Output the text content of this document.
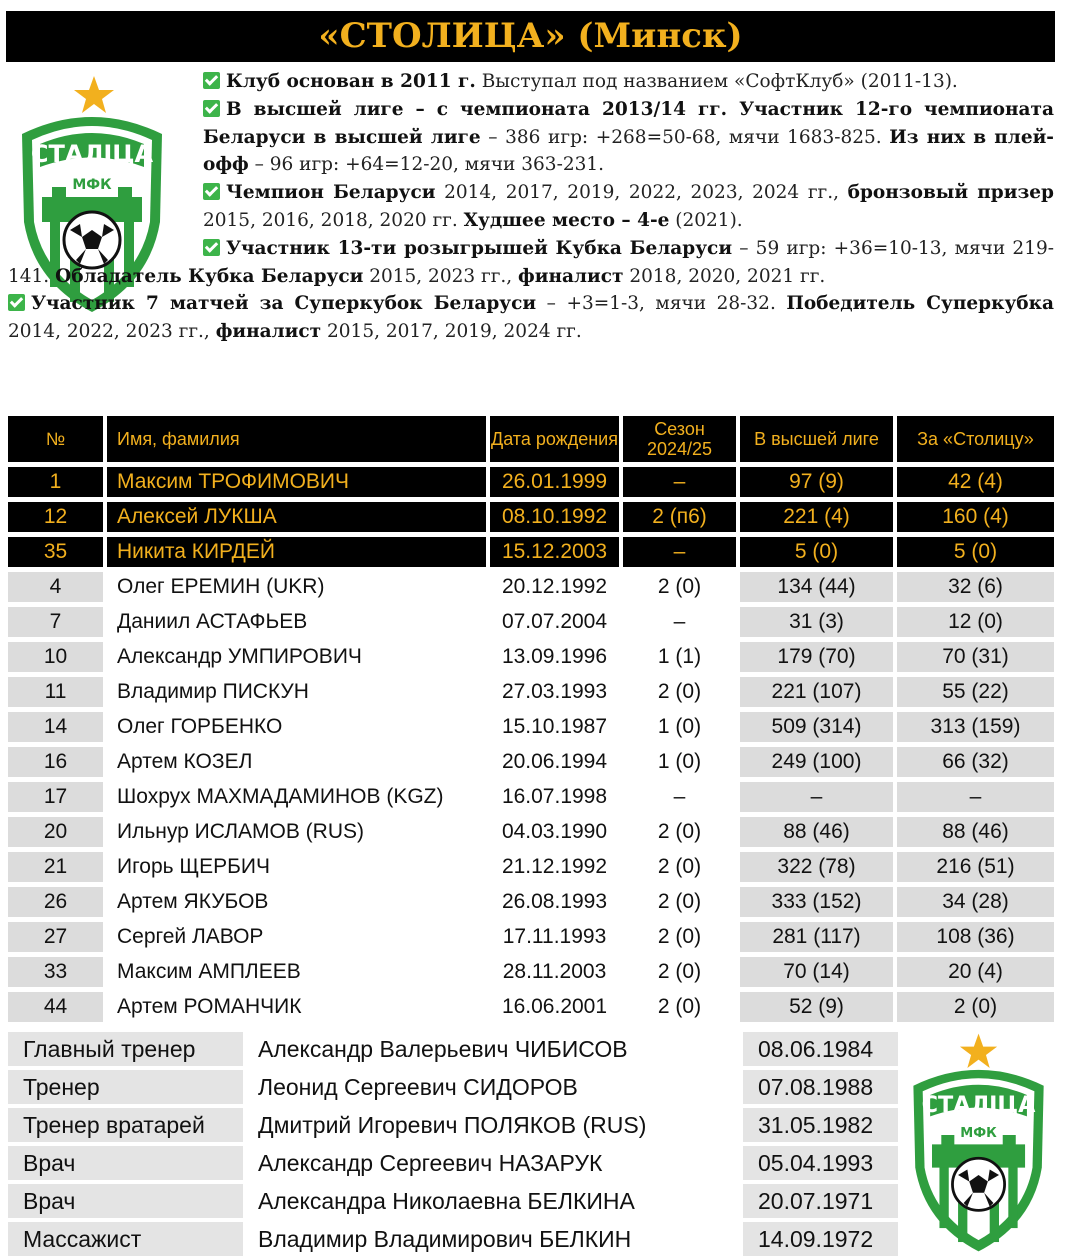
«СТОЛИЦА» (Минск)
СТАЛIЦА
МФК
Клуб основан в 2011 г. Выступал под названием «СофтКлуб» (2011-13).
В высшей лиге – с чемпионата 2013/14 гг. Участник 12-го чемпионата Беларуси в высшей лиге – 386 игр: +268=50-68, мячи 1683-825. Из них в плей-офф – 96 игр: +64=12-20, мячи 363-231.
Чемпион Беларуси 2014, 2017, 2019, 2022, 2023, 2024 гг., бронзовый призер 2015, 2016, 2018, 2020 гг. Худшее место – 4-е (2021).
Участник 13-ти розыгрышей Кубка Беларуси – 59 игр: +36=10-13, мячи 219-141. Обладатель Кубка Беларуси 2015, 2023 гг., финалист 2018, 2020, 2021 гг.
Участник 7 матчей за Суперкубок Беларуси – +3=1-3, мячи 28-32. Победитель Суперкубка 2014, 2022, 2023 гг., финалист 2015, 2017, 2019, 2024 гг.
№	Имя, фамилия	Дата рождения	Сезон 2024/25	В высшей лиге	За «Столицу»
1	Максим ТРОФИМОВИЧ	26.01.1999	–	97 (9)	42 (4)
12	Алексей ЛУКША	08.10.1992	2 (п6)	221 (4)	160 (4)
35	Никита КИРДЕЙ	15.12.2003	–	5 (0)	5 (0)
4	Олег ЕРЕМИН (UKR)	20.12.1992	2 (0)	134 (44)	32 (6)
7	Даниил АСТАФЬЕВ	07.07.2004	–	31 (3)	12 (0)
10	Александр УМПИРОВИЧ	13.09.1996	1 (1)	179 (70)	70 (31)
11	Владимир ПИСКУН	27.03.1993	2 (0)	221 (107)	55 (22)
14	Олег ГОРБЕНКО	15.10.1987	1 (0)	509 (314)	313 (159)
16	Артем КОЗЕЛ	20.06.1994	1 (0)	249 (100)	66 (32)
17	Шохрух МАХМАДАМИНОВ (KGZ)	16.07.1998	–	–	–
20	Ильнур ИСЛАМОВ (RUS)	04.03.1990	2 (0)	88 (46)	88 (46)
21	Игорь ЩЕРБИЧ	21.12.1992	2 (0)	322 (78)	216 (51)
26	Артем ЯКУБОВ	26.08.1993	2 (0)	333 (152)	34 (28)
27	Сергей ЛАВОР	17.11.1993	2 (0)	281 (117)	108 (36)
33	Максим АМПЛЕЕВ	28.11.2003	2 (0)	70 (14)	20 (4)
44	Артем РОМАНЧИК	16.06.2001	2 (0)	52 (9)	2 (0)
Главный тренер	Александр Валерьевич ЧИБИСОВ	08.06.1984
Тренер	Леонид Сергеевич СИДОРОВ	07.08.1988
Тренер вратарей	Дмитрий Игоревич ПОЛЯКОВ (RUS)	31.05.1982
Врач	Александр Сергеевич НАЗАРУК	05.04.1993
Врач	Александра Николаевна БЕЛКИНА	20.07.1971
Массажист	Владимир Владимирович БЕЛКИН	14.09.1972
СТАЛIЦА
МФК
